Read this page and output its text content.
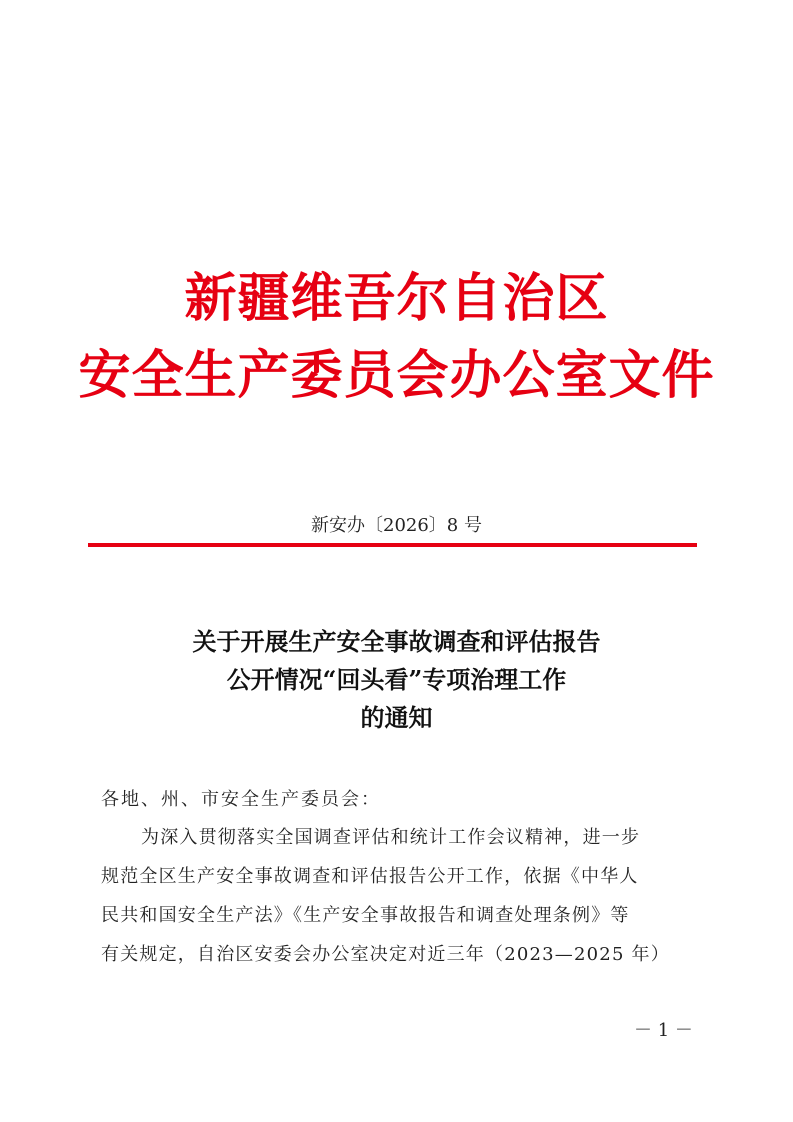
新疆维吾尔自治区
安全生产委员会办公室文件
新安办〔2026〕8 号
关于开展生产安全事故调查和评估报告
公开情况“回头看”专项治理工作
的通知
各地、州、市安全生产委员会：
为深入贯彻落实全国调查评估和统计工作会议精神，进一步
规范全区生产安全事故调查和评估报告公开工作，依据《中华人
民共和国安全生产法》《生产安全事故报告和调查处理条例》等
有关规定，自治区安委会办公室决定对近三年（2023—2025 年）
－ 1 －
